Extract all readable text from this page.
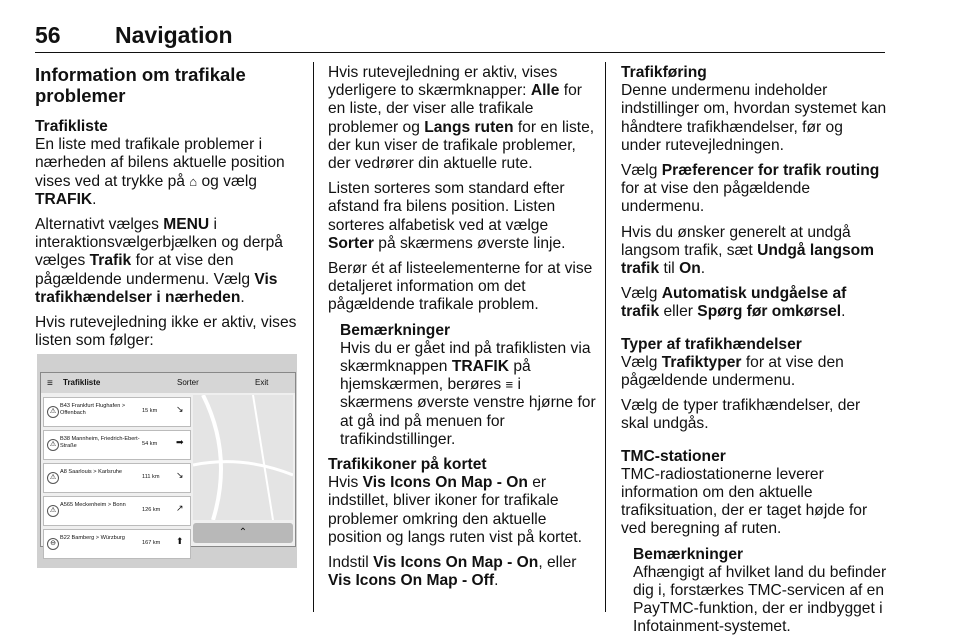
56 Navigation

Information om trafikale problemer

Trafikliste

En liste med trafikale problemer i nærheden af bilens aktuelle position vises ved at trykke på ⌂ og vælg TRAFIK.

Alternativt vælges MENU i interaktionsvælgerbjælken og derpå vælges Trafik for at vise den pågældende undermenu. Vælg Vis trafikhændelser i nærheden.

Hvis rutevejledning ikke er aktiv, vises listen som følger:

≡ Trafikliste	Sorter	Exit
⚠
B43 Frankfurt Flughafen > Offenbach	15 km ↘
⚠
B38 Mannheim, Friedrich-Ebert-Straße	54 km ➡
⚠
A8 Saarlouis > Karlsruhe
111 km ↘
⚠
A565 Meckenheim > Bonn
126 km ↗
⊖
B22 Bamberg > Würzburg
167 km ⬆
⌃

Hvis rutevejledning er aktiv, vises yderligere to skærmknapper: Alle for en liste, der viser alle trafikale problemer og Langs ruten for en liste, der kun viser de trafikale problemer, der vedrører din aktuelle rute.

Listen sorteres som standard efter afstand fra bilens position. Listen sorteres alfabetisk ved at vælge Sorter på skærmens øverste linje.

Berør ét af listeelementerne for at vise detaljeret information om det pågældende trafikale problem.

Bemærkninger
Hvis du er gået ind på trafiklisten via skærmknappen TRAFIK på hjemskærmen, berøres ≡ i skærmens øverste venstre hjørne for at gå ind på menuen for trafikindstillinger.

Trafikikoner på kortet

Hvis Vis Icons On Map - On er indstillet, bliver ikoner for trafikale problemer omkring den aktuelle position og langs ruten vist på kortet.

Indstil Vis Icons On Map - On, eller Vis Icons On Map - Off.

Trafikføring

Denne undermenu indeholder indstillinger om, hvordan systemet kan håndtere trafikhændelser, før og under rutevejledningen.

Vælg Præferencer for trafik routing for at vise den pågældende undermenu.

Hvis du ønsker generelt at undgå langsom trafik, sæt Undgå langsom trafik til On.

Vælg Automatisk undgåelse af trafik eller Spørg før omkørsel.

Typer af trafikhændelser

Vælg Trafiktyper for at vise den pågældende undermenu.

Vælg de typer trafikhændelser, der skal undgås.

TMC-stationer

TMC-radiostationerne leverer information om den aktuelle trafiksituation, der er taget højde for ved beregning af ruten.

Bemærkninger
Afhængigt af hvilket land du befinder dig i, forstærkes TMC-servicen af en PayTMC-funktion, der er indbygget i Infotainment-systemet.
